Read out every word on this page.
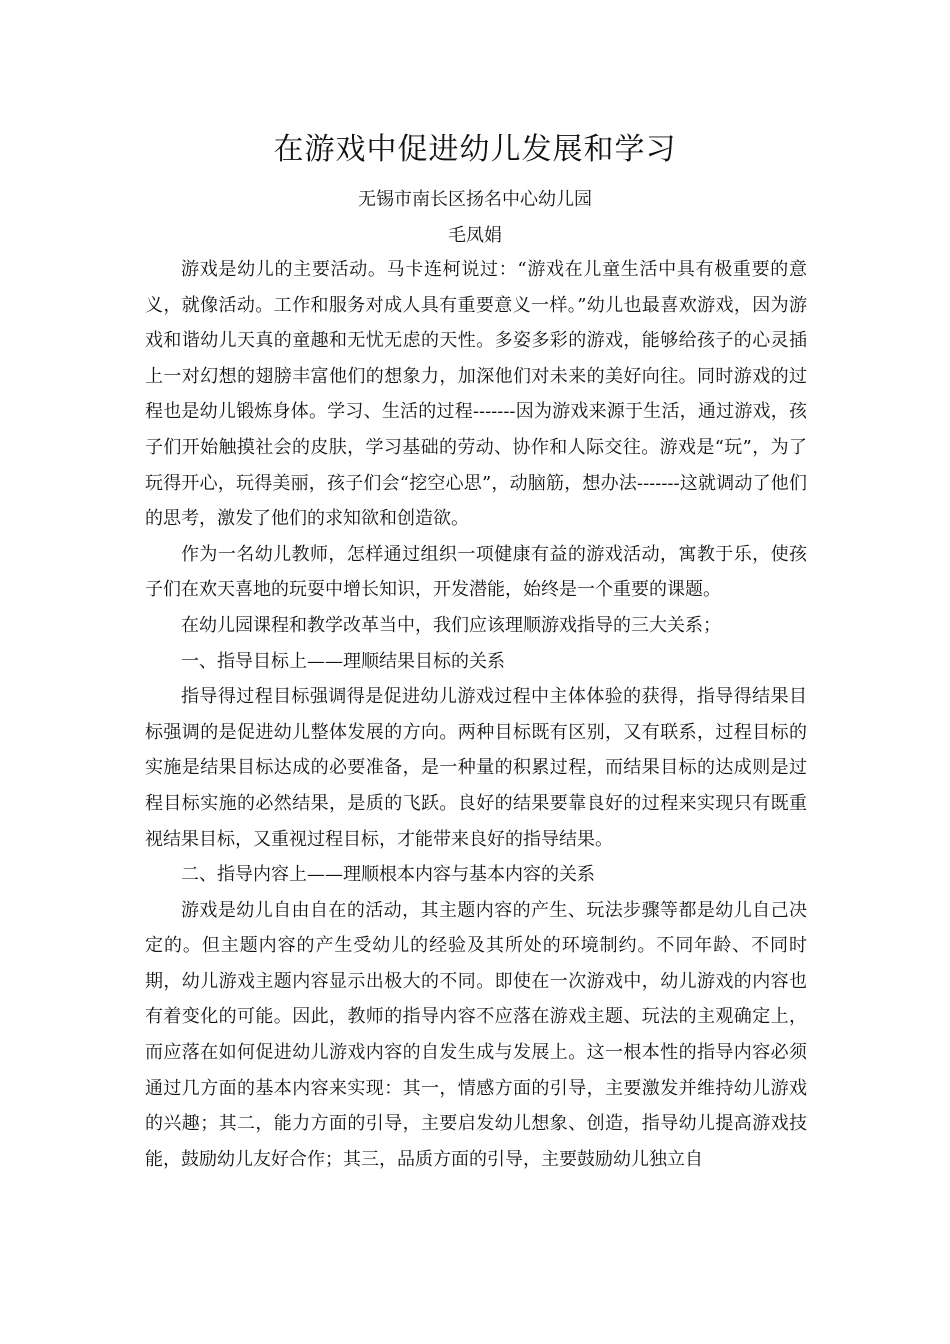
在游戏中促进幼儿发展和学习
无锡市南长区扬名中心幼儿园
毛凤娟

游戏是幼儿的主要活动。马卡连柯说过：“游戏在儿童生活中具有极重要的意义，就像活动。工作和服务对成人具有重要意义一样。”幼儿也最喜欢游戏，因为游戏和谐幼儿天真的童趣和无忧无虑的天性。多姿多彩的游戏，能够给孩子的心灵插上一对幻想的翅膀丰富他们的想象力，加深他们对未来的美好向往。同时游戏的过程也是幼儿锻炼身体。学习、生活的过程-------因为游戏来源于生活，通过游戏，孩子们开始触摸社会的皮肤，学习基础的劳动、协作和人际交往。游戏是“玩”，为了玩得开心，玩得美丽，孩子们会“挖空心思”，动脑筋，想办法-------这就调动了他们的思考，激发了他们的求知欲和创造欲。

作为一名幼儿教师，怎样通过组织一项健康有益的游戏活动，寓教于乐，使孩子们在欢天喜地的玩耍中增长知识，开发潜能，始终是一个重要的课题。

在幼儿园课程和教学改革当中，我们应该理顺游戏指导的三大关系；

一、指导目标上——理顺结果目标的关系

指导得过程目标强调得是促进幼儿游戏过程中主体体验的获得，指导得结果目标强调的是促进幼儿整体发展的方向。两种目标既有区别，又有联系，过程目标的实施是结果目标达成的必要准备，是一种量的积累过程，而结果目标的达成则是过程目标实施的必然结果，是质的飞跃。良好的结果要靠良好的过程来实现只有既重视结果目标，又重视过程目标，才能带来良好的指导结果。

二、指导内容上——理顺根本内容与基本内容的关系

游戏是幼儿自由自在的活动，其主题内容的产生、玩法步骤等都是幼儿自己决定的。但主题内容的产生受幼儿的经验及其所处的环境制约。不同年龄、不同时期，幼儿游戏主题内容显示出极大的不同。即使在一次游戏中，幼儿游戏的内容也有着变化的可能。因此，教师的指导内容不应落在游戏主题、玩法的主观确定上，而应落在如何促进幼儿游戏内容的自发生成与发展上。这一根本性的指导内容必须通过几方面的基本内容来实现：其一，情感方面的引导，主要激发并维持幼儿游戏的兴趣；其二，能力方面的引导，主要启发幼儿想象、创造，指导幼儿提高游戏技能，鼓励幼儿友好合作；其三，品质方面的引导，主要鼓励幼儿独立自
